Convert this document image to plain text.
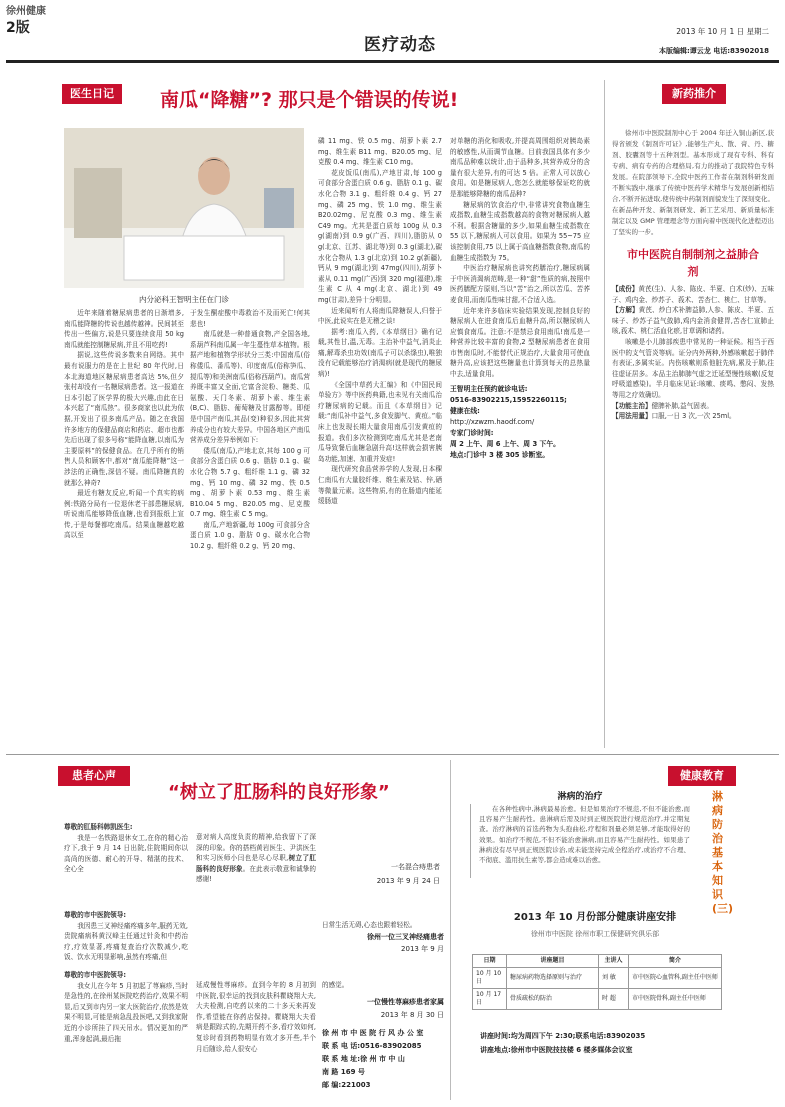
徐州健康
2版
医疗动态
2013 年 10 月 1 日 星期二
本版编辑:谭云龙 电话:83902018
医生日记	南瓜“降糖”? 那只是个错误的传说!
内分泌科王智明主任在门诊
近年来随着糖尿病患者的日渐增多,南瓜能降糖的传说也越传越神。民间甚至传出一些偏方,说是只要连续食用 50 kg南瓜就能控制糖尿病,并且不用吃药!
据说,这些传说多数来自网络。其中最有说服力的是在上世纪 80 年代时,日本北海道地区糖尿病患者高达 5%,但夕张村却没有一名糖尿病患者。这一报道在日本引起了医学界的极大兴趣,由此在日本兴起了“南瓜热”。很多商家也以此为依据,开发出了很多南瓜产品。随之在我国许多地方的保健品商店和药店、超市也都先后出现了很多号称“能降血糖,以南瓜为主要原料”的保健食品。在几乎所有的销售人员和顾客中,都对“南瓜能降糖”这一涉法的正确性,深信不疑。南瓜降糖真的就那么神奇?
最近有糖友反应,听闻一个真实的病例:铁路分局有一位退休老干部患糖尿病,听说南瓜能够降低血糖,也看到报纸上宣传,于是每餐都吃南瓜。结果血糖越吃越高以至
于发生酮症酸中毒救治不及而死亡!何其悲也!
南瓜就是一种普通食物,产全国各地,系葫芦科南瓜属一年生蔓性草本植物。根据产地和植物学形状分三类:中国南瓜(俗称倭瓜、番瓜等)、印度南瓜(俗称笋瓜、搅瓜等)和美洲南瓜(俗称西葫芦)。南瓜营养既丰富又全面,它富含淀粉、糖类、瓜氨酸、天门冬素、胡萝卜素、维生素(B,C)、脂肪、葡萄糖及甘露醇等。即便是中国产南瓜,其品(变)种很多,因此其营养成分也有较大差异。中国各地区产南瓜营养成分差异举例如下:
倭瓜(南瓜),产地北京,其每 100 g 可食部分含蛋白质 0.6 g、脂肪 0.1 g、碳水化合物 5.7 g、粗纤维 1.1 g、磷 32 mg、钙 10 mg、磷 32 mg、铁 0.5 mg、胡萝卜素 0.53 mg、维生素 B10.04 5 mg、B20.05 mg、尼克酸 0.7 mg、维生素 C 5 mg。
南瓜,产地新疆,每 100g 可食部分含蛋白质 1.0 g、脂肪 0 g、碳水化合物 10.2 g、粗纤维 0.2 g、钙 20 mg、
磷 11 mg、铁 0.5 mg、胡萝卜素 2.7 mg、维生素 B11 mg、B20.05 mg、尼克酸 0.4 mg、维生素 C10 mg。
花皮饭瓜(南瓜),产地甘肃,每 100 g 可食部分含蛋白质 0.6 g、脂肪 0.1 g、碳水化合物 3.1 g、粗纤维 0.4 g、钙 27 mg、磷 25 mg、铁 1.0 mg、维生素 B20.02mg、尼克酸 0.3 mg、维生素 C49 mg。尤其是蛋白质每 100g 从 0.3 g(湖南)到 0.9 g(广西、四川),脂肪从 0 g(北京、江苏、湖北等)到 0.3 g(湖北),碳水化合物从 1.3 g(北京)到 10.2 g(新疆),钙从 9 mg(湖北)到 47mg(四川),胡萝卜素从 0.11 mg(广西)到 320 mg(福建),维生素 C 从 4 mg(北京、湖北)到 49 mg(甘肃),差异十分明显。
近来闻听有人将南瓜降糖误人,归誉于中医,此说实在是无稽之谈!
据考:南瓜入药,《本草纲目》确有记载,其性甘,温,无毒。主治补中益气,消炎止痛,解毒杀虫功效(南瓜子可以杀绦虫),唯独没有记载能够治疗消渴病(就是现代的糖尿病)!
《全国中草药大汇编》和《中国民间单验方》等中医药典籍,也未见有关南瓜治疗糖尿病的记载。而且《本草纲目》记载:“南瓜补中益气,多食发脚气、黄疸。”临床上也发现长期大量食用南瓜引发黄疸的报道。我们多次检测到吃南瓜尤其是老南瓜导致餐后血糖急剧升高!这样就会损害胰岛功能,加速、加重并发症!
现代研究食品营养学的人发现,日本稞仁南瓜有大量胶纤维、维生素及钴、锌,硒等微量元素。这些物质,有的在肠道内能延缓肠道
对单糖的消化和吸收,并提高周围组织对胰岛素的敏感性,从而调节血糖。目前我国具体有多少南瓜品种难以统计,由于品种多,其营养成分的含量有很大差异,有的可达 5 倍。正常人可以放心食用。如是糖尿病人,您怎么就能够保证吃的就是那能够降糖的南瓜品种?
糖尿病的饮食治疗中,非常讲究食物血糖生成指数,血糖生成指数越高的食物对糖尿病人越不利。根据含糖量的多少,如果血糖生成指数在 55 以下,糖尿病人可以食用。如果为 55~75 应该控制食用,75 以上属于高血糖指数食物,南瓜的血糖生成指数为 75。
中医治疗糖尿病也讲究药膳治疗,糖尿病属于中医消渴病范畴,是一种“甜”性质的病,按照中医药膳配方原则,当以“苦”治之,所以苦瓜、苦荞麦食用,而南瓜性味甘甜,不合适入选。
近年来许多临床实验结果发现,控制良好的糖尿病人在进食南瓜后血糖升高,所以糖尿病人应慎食南瓜。注意:不是禁忌食用南瓜!南瓜是一种营养比较丰富的食物,2 型糖尿病患者在食用市售南瓜时,不能替代正规治疗,大量食用可使血糖升高,应该把这些糖量也计算到每天的总热量中去,适量食用。
王智明主任预约就诊电话:
0516-83902215,15952260115;
健康在线:
http://xzwzm.haodf.com/
专家门诊时间:
周 2 上午、周 6 上午、周 3 下午。
地点:门诊中 3 楼 305 诊断室。
新药推介
徐州市中医院制剂中心于 2004 年迁入铜山新区,获得省颁发《制剂许可证》,能够生产丸、散、膏、丹、糖剂、胶囊剂等十五种剂型。基本形成了现有专科、科有专病、病有专药的合理格局,有力的推动了我院特色专科发展。在院部领导下,全院中医药工作者在制剂科研发面不断实践中,继承了传统中医药学术精华与发展创新相结合,不断开拓进取,使传统中药制剂面貌发生了深刻变化。在新品种开发、新制剂研发、新工艺采用、新质量标准制定以及 GMP 管理理念等方面向着中医现代化进程迈出了坚实的一步。
市中医院自制制剂之益肺合剂
【成份】黄芪(生)、人参、陈皮、半夏、白术(炒)、五味子、鸡内金、炒苏子、莪术、苦杏仁、桃仁、甘草等。
【方解】黄芪、炒白术补脾益肺,人参、陈皮、半夏、五味子、炒苏子益气敛肺,鸡内金消食健胃,苦杏仁宣肺止咳,莪术、桃仁活血化瘀,甘草调和诸药。
咳嗽是小儿肺部疾患中常见的一种证候。相当于西医中的支气管炎等病。证分内外两种,外感咳嗽起于肺伴有表证,多属实证。内伤咳嗽则系他脏先病,累及于肺,往往虚证居多。本品主治肺肺气虚之迁延型慢性咳嗽(反复呼吸道感染)。半月临床见证:咳嗽、痰鸣、憋闷、发热等用之疗效确切。
【功能主治】健脾补肺,益气固表。
【用法用量】口服,一日 3 次,一次 25ml。
患者心声
“树立了肛肠科的良好形象”
尊敬的肛肠科韩凯医生:
我是一名铁路退休女工,在你的精心治疗下,我于 9 月 14 日出院,住院期间你以高尚的医德、耐心的开导、精湛的技术、全心全
意对病人高度负责的精神,给我留下了深深的印象。你的搭档黄岩医生、尹洪医生和实习医师小闫也是尽心尽职,树立了肛肠科的良好形象。在此表示敬意和诚挚的感谢!
一名混合痔患者
2013 年 9 月 24 日
尊敬的市中医院领导:
我因患三叉神经痛疼痛多年,服药无效,贵院痛病科黄汉峰主任通过针灸和中药治疗,疗效显著,疼痛复查治疗次数减少,吃饭、饮水无明显影响,虽然有疼痛,但
日常生活无碍,心态也跟着轻松。
徐州一位三叉神经痛患者
2013 年 9 月
尊敬的市中医院领导:
我女儿在今年 5 月初起了荨麻疹,当时是急性的,在徐州某医院吃药治疗,效果不明显,后又到市内另一家大医院治疗,依然是效果不明显,可能是病急乱投医吧,又到我家附近的小诊所挂了四天吊水。情况更加的严重,浑身起满,最后拖
延成慢性荨麻疹。直到今年的 8 月初到中医院,很幸运的找到皮肤科瞿晓翔大夫,大夫检测,自吃药以来的二十多天来再发作,希望能在你药店保持。瞿晓翔大夫看病是跟踪式的,先期开药不多,看疗效如何,复诊时看到药物明显有效才多开些,半个月后随诊,给人很安心
的感觉。
一位慢性荨麻疹患者家属
2013 年 8 月 30 日
徐 州 市 中 医 院 行 风 办 公 室
联 系 电 话:0516-83902085
联 系 地 址:徐 州 市 中 山
南 路 169 号
邮 编:221003
健康教育
淋病的治疗
在各种性病中,淋病最易治愈。但是如果治疗不规范,不但不能治愈,而且容易产生耐药性。患淋病后需及时到正规医院进行规范治疗,并定期复查。治疗淋病的首选药物为头孢曲松,疗程和剂量必须足够,才能取得好的效果。如治疗不规范,不但不能治愈淋病,而且容易产生耐药性。如果患了淋病没有尽早到正规医院诊治,或未能坚持完成全程治疗,或治疗不合理、不彻底、滥用抗生素等,都会造成难以治愈。
淋病防治基本知识(三)
2013 年 10 月份部分健康讲座安排
徐州市中医院 徐州市职工保健研究俱乐部
日期	讲座题目	主讲人	简介
10 月 10 日	糖尿病药物选择原则与治疗	刘 敏	市中医院心血管科,副主任中医师
10 月 17 日	骨质疏松的防治	时 超	市中医院骨科,副主任中医师
讲座时间:均为周四下午 2:30;联系电话:83902035
讲座地点:徐州市中医院技技楼 6 楼多媒体会议室
